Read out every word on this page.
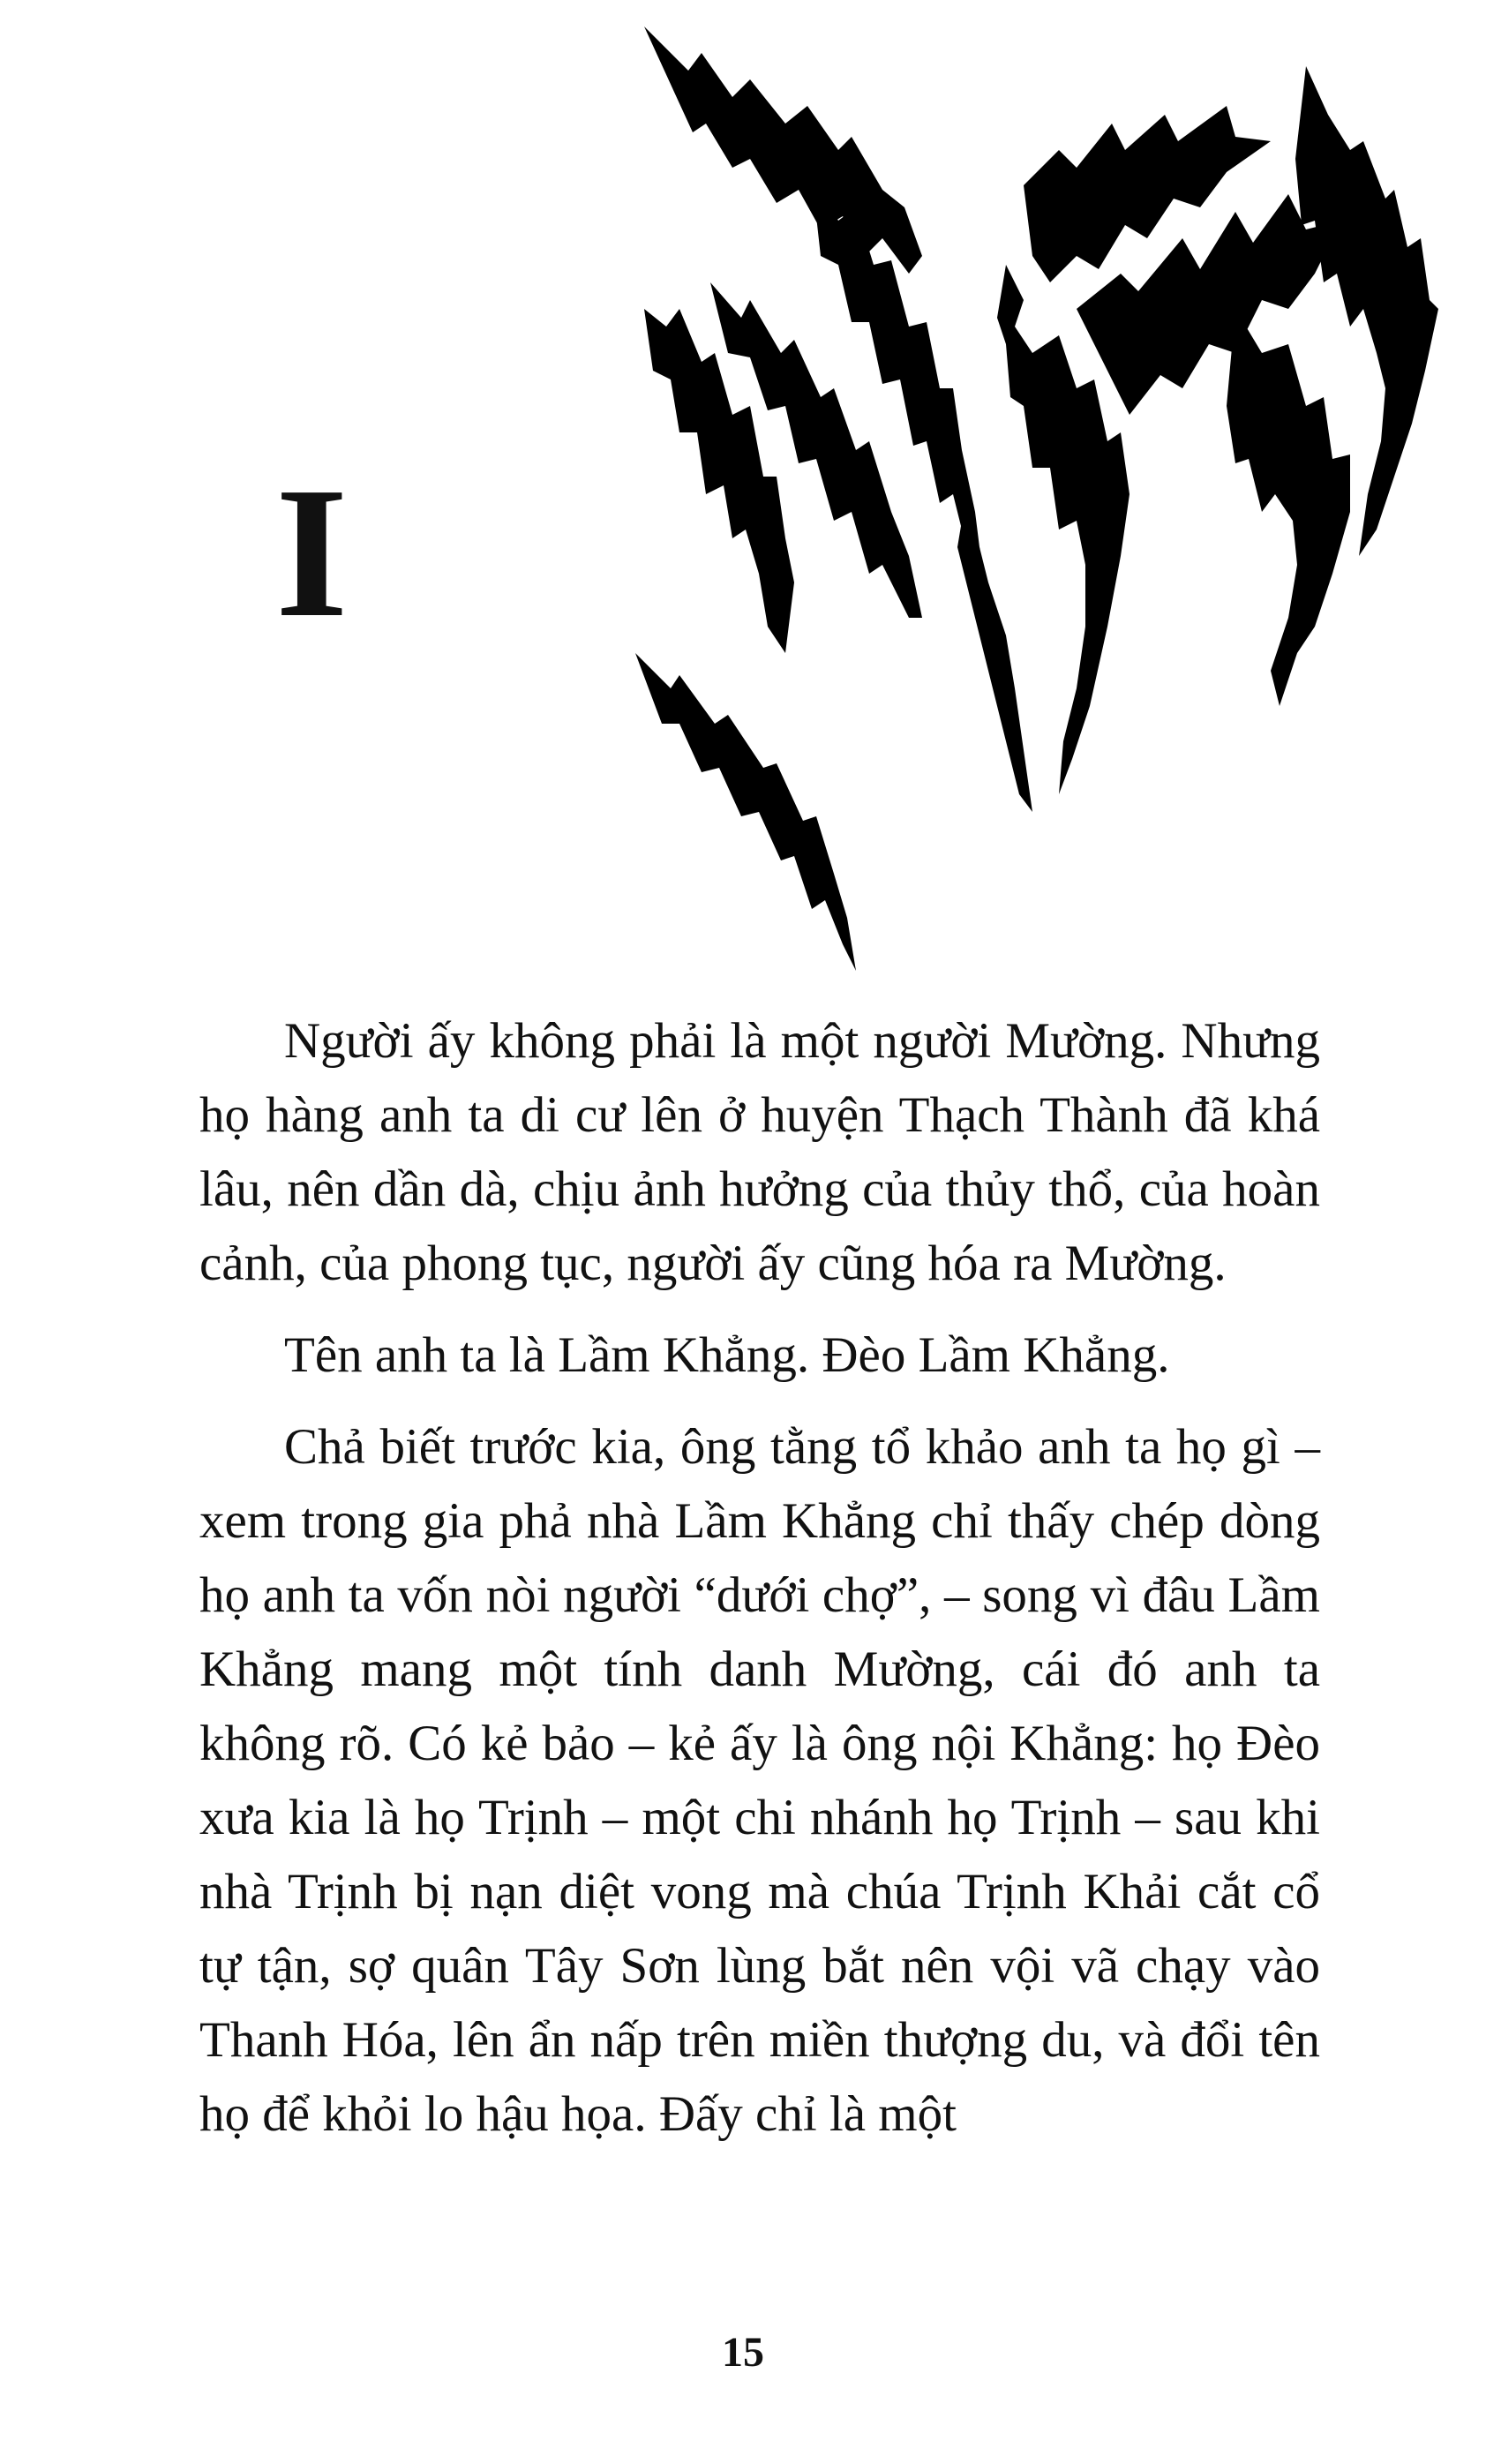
I

Người ấy không phải là một người Mường. Nhưng họ hàng anh ta di cư lên ở huyện Thạch Thành đã khá lâu, nên dần dà, chịu ảnh hưởng của thủy thổ, của hoàn cảnh, của phong tục, người ấy cũng hóa ra Mường.

Tên anh ta là Lầm Khẳng. Đèo Lầm Khẳng.

Chả biết trước kia, ông tằng tổ khảo anh ta họ gì – xem trong gia phả nhà Lầm Khẳng chỉ thấy chép dòng họ anh ta vốn nòi người “dưới chợ”, – song vì đâu Lầm Khẳng mang một tính danh Mường, cái đó anh ta không rõ. Có kẻ bảo – kẻ ấy là ông nội Khẳng: họ Đèo xưa kia là họ Trịnh – một chi nhánh họ Trịnh – sau khi nhà Trịnh bị nạn diệt vong mà chúa Trịnh Khải cắt cổ tự tận, sợ quân Tây Sơn lùng bắt nên vội vã chạy vào Thanh Hóa, lên ẩn nấp trên miền thượng du, và đổi tên họ để khỏi lo hậu họa. Đấy chỉ là một

15
